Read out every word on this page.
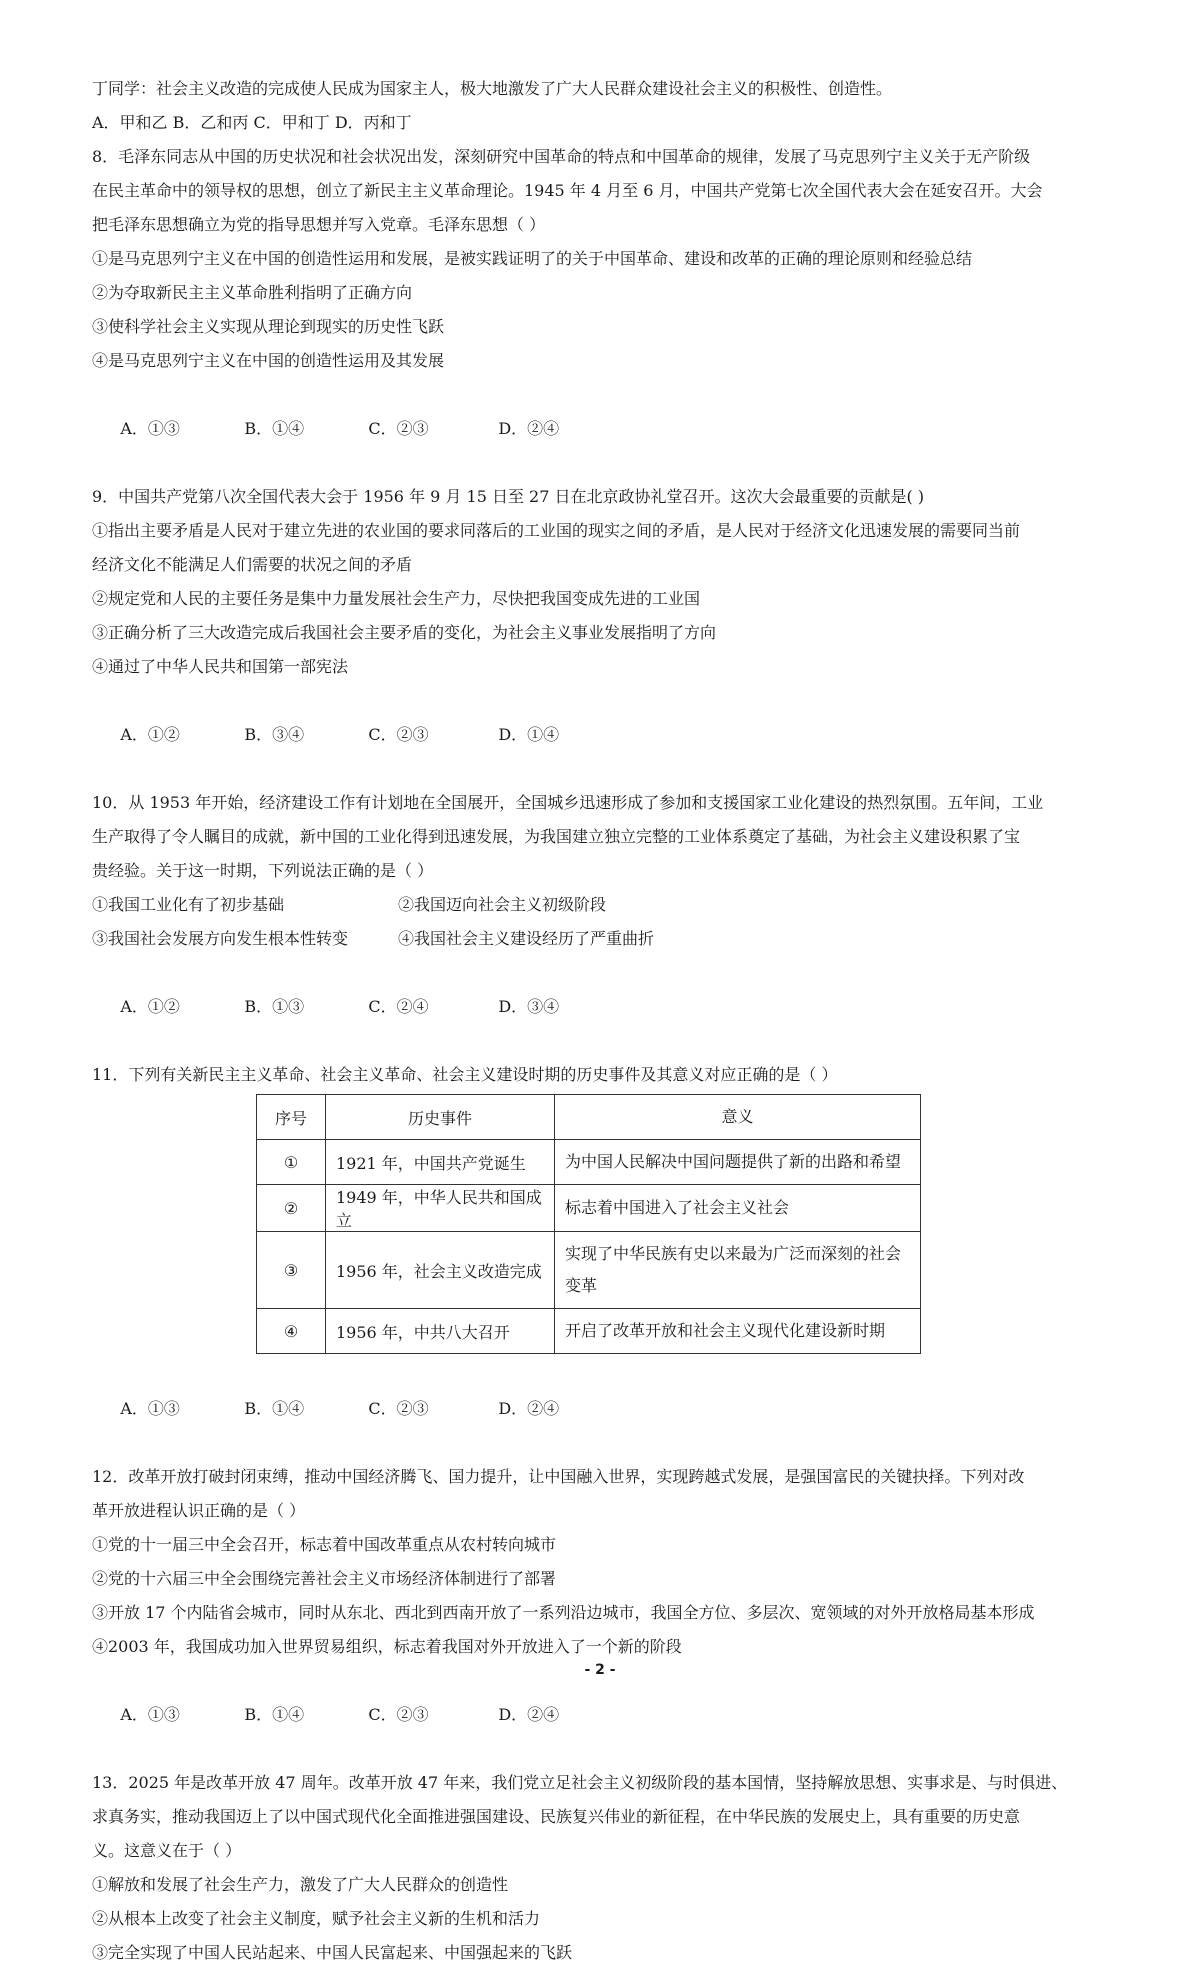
丁同学：社会主义改造的完成使人民成为国家主人，极大地激发了广大人民群众建设社会主义的积极性、创造性。
A．甲和乙 B．乙和丙 C．甲和丁 D．丙和丁
8．毛泽东同志从中国的历史状况和社会状况出发，深刻研究中国革命的特点和中国革命的规律，发展了马克思列宁主义关于无产阶级
在民主革命中的领导权的思想，创立了新民主主义革命理论。1945 年 4 月至 6 月，中国共产党第七次全国代表大会在延安召开。大会
把毛泽东思想确立为党的指导思想并写入党章。毛泽东思想（ ）
①是马克思列宁主义在中国的创造性运用和发展，是被实践证明了的关于中国革命、建设和改革的正确的理论原则和经验总结
②为夺取新民主主义革命胜利指明了正确方向
③使科学社会主义实现从理论到现实的历史性飞跃
④是马克思列宁主义在中国的创造性运用及其发展

A．①③	B．①④	C．②③	D．②④

9．中国共产党第八次全国代表大会于 1956 年 9 月 15 日至 27 日在北京政协礼堂召开。这次大会最重要的贡献是( )
①指出主要矛盾是人民对于建立先进的农业国的要求同落后的工业国的现实之间的矛盾，是人民对于经济文化迅速发展的需要同当前
经济文化不能满足人们需要的状况之间的矛盾
②规定党和人民的主要任务是集中力量发展社会生产力，尽快把我国变成先进的工业国
③正确分析了三大改造完成后我国社会主要矛盾的变化，为社会主义事业发展指明了方向
④通过了中华人民共和国第一部宪法

A．①②	B．③④	C．②③	D．①④

10．从 1953 年开始，经济建设工作有计划地在全国展开，全国城乡迅速形成了参加和支援国家工业化建设的热烈氛围。五年间，工业
生产取得了令人瞩目的成就，新中国的工业化得到迅速发展，为我国建立独立完整的工业体系奠定了基础，为社会主义建设积累了宝
贵经验。关于这一时期，下列说法正确的是（ ）
①我国工业化有了初步基础	②我国迈向社会主义初级阶段
③我国社会发展方向发生根本性转变	④我国社会主义建设经历了严重曲折

A．①②	B．①③	C．②④	D．③④

11．下列有关新民主主义革命、社会主义革命、社会主义建设时期的历史事件及其意义对应正确的是（ ）
序号	历史事件	意义
①	1921 年，中国共产党诞生	为中国人民解决中国问题提供了新的出路和希望
②	1949 年，中华人民共和国成立	标志着中国进入了社会主义社会
③	1956 年，社会主义改造完成	实现了中华民族有史以来最为广泛而深刻的社会变革
④	1956 年，中共八大召开	开启了改革开放和社会主义现代化建设新时期

A．①③	B．①④	C．②③	D．②④

12．改革开放打破封闭束缚，推动中国经济腾飞、国力提升，让中国融入世界，实现跨越式发展，是强国富民的关键抉择。下列对改
革开放进程认识正确的是（ ）
①党的十一届三中全会召开，标志着中国改革重点从农村转向城市
②党的十六届三中全会围绕完善社会主义市场经济体制进行了部署
③开放 17 个内陆省会城市，同时从东北、西北到西南开放了一系列沿边城市，我国全方位、多层次、宽领域的对外开放格局基本形成
④2003 年，我国成功加入世界贸易组织，标志着我国对外开放进入了一个新的阶段

A．①③	B．①④	C．②③	D．②④

13．2025 年是改革开放 47 周年。改革开放 47 年来，我们党立足社会主义初级阶段的基本国情，坚持解放思想、实事求是、与时俱进、
求真务实，推动我国迈上了以中国式现代化全面推进强国建设、民族复兴伟业的新征程，在中华民族的发展史上，具有重要的历史意
义。这意义在于（ ）
①解放和发展了社会生产力，激发了广大人民群众的创造性
②从根本上改变了社会主义制度，赋予社会主义新的生机和活力
③完全实现了中国人民站起来、中国人民富起来、中国强起来的飞跃
- 2 -
